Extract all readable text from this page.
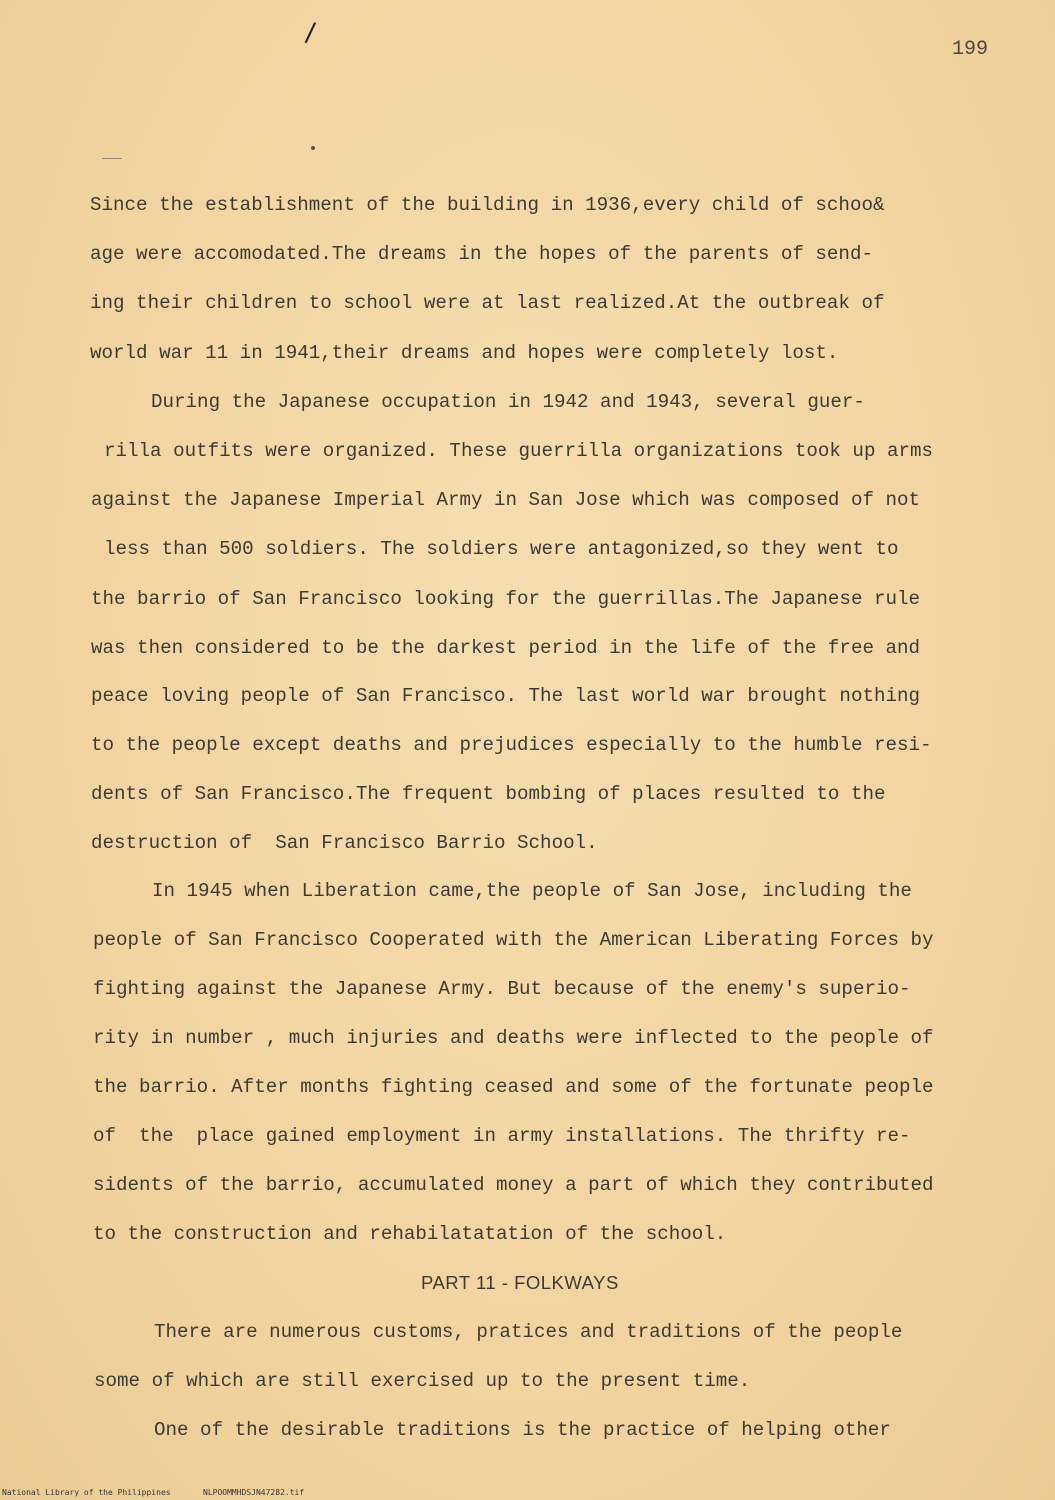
/
199
Since the establishment of the building in 1936,every child of schoo&
age were accomodated.The dreams in the hopes of the parents of send-
ing their children to school were at last realized.At the outbreak of
world war 11 in 1941,their dreams and hopes were completely lost.
During the Japanese occupation in 1942 and 1943, several guer-
rilla outfits were organized. These guerrilla organizations took up arms
against the Japanese Imperial Army in San Jose which was composed of not
less than 500 soldiers. The soldiers were antagonized,so they went to
the barrio of San Francisco looking for the guerrillas.The Japanese rule
was then considered to be the darkest period in the life of the free and
peace loving people of San Francisco. The last world war brought nothing
to the people except deaths and prejudices especially to the humble resi-
dents of San Francisco.The frequent bombing of places resulted to the
destruction of  San Francisco Barrio School.
In 1945 when Liberation came,the people of San Jose, including the
people of San Francisco Cooperated with the American Liberating Forces by
fighting against the Japanese Army. But because of the enemy's superio-
rity in number , much injuries and deaths were inflected to the people of
the barrio. After months fighting ceased and some of the fortunate people
of  the  place gained employment in army installations. The thrifty re-
sidents of the barrio, accumulated money a part of which they contributed
to the construction and rehabilatatation of the school.
PART 11 - FOLKWAYS
There are numerous customs, pratices and traditions of the people
some of which are still exercised up to the present time.
One of the desirable traditions is the practice of helping other
National Library of the Philippines	NLPOOMMHDSJN47282.tif
